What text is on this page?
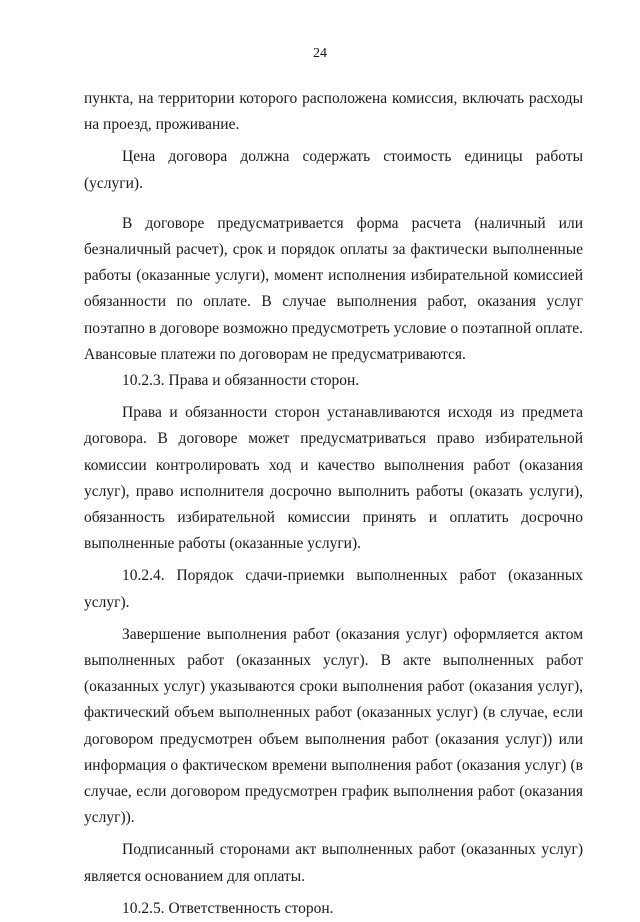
24

пункта, на территории которого расположена комиссия, включать расходы на проезд, проживание.

Цена договора должна содержать стоимость единицы работы (услуги).

В договоре предусматривается форма расчета (наличный или безналичный расчет), срок и порядок оплаты за фактически выполненные работы (оказанные услуги), момент исполнения избирательной комиссией обязанности по оплате. В случае выполнения работ, оказания услуг поэтапно в договоре возможно предусмотреть условие о поэтапной оплате. Авансовые платежи по договорам не предусматриваются.

10.2.3. Права и обязанности сторон.

Права и обязанности сторон устанавливаются исходя из предмета договора. В договоре может предусматриваться право избирательной комиссии контролировать ход и качество выполнения работ (оказания услуг), право исполнителя досрочно выполнить работы (оказать услуги), обязанность избирательной комиссии принять и оплатить досрочно выполненные работы (оказанные услуги).

10.2.4. Порядок сдачи-приемки выполненных работ (оказанных услуг).

Завершение выполнения работ (оказания услуг) оформляется актом выполненных работ (оказанных услуг). В акте выполненных работ (оказанных услуг) указываются сроки выполнения работ (оказания услуг), фактический объем выполненных работ (оказанных услуг) (в случае, если договором предусмотрен объем выполнения работ (оказания услуг)) или информация о фактическом времени выполнения работ (оказания услуг) (в случае, если договором предусмотрен график выполнения работ (оказания услуг)).

Подписанный сторонами акт выполненных работ (оказанных услуг) является основанием для оплаты.

10.2.5. Ответственность сторон.
